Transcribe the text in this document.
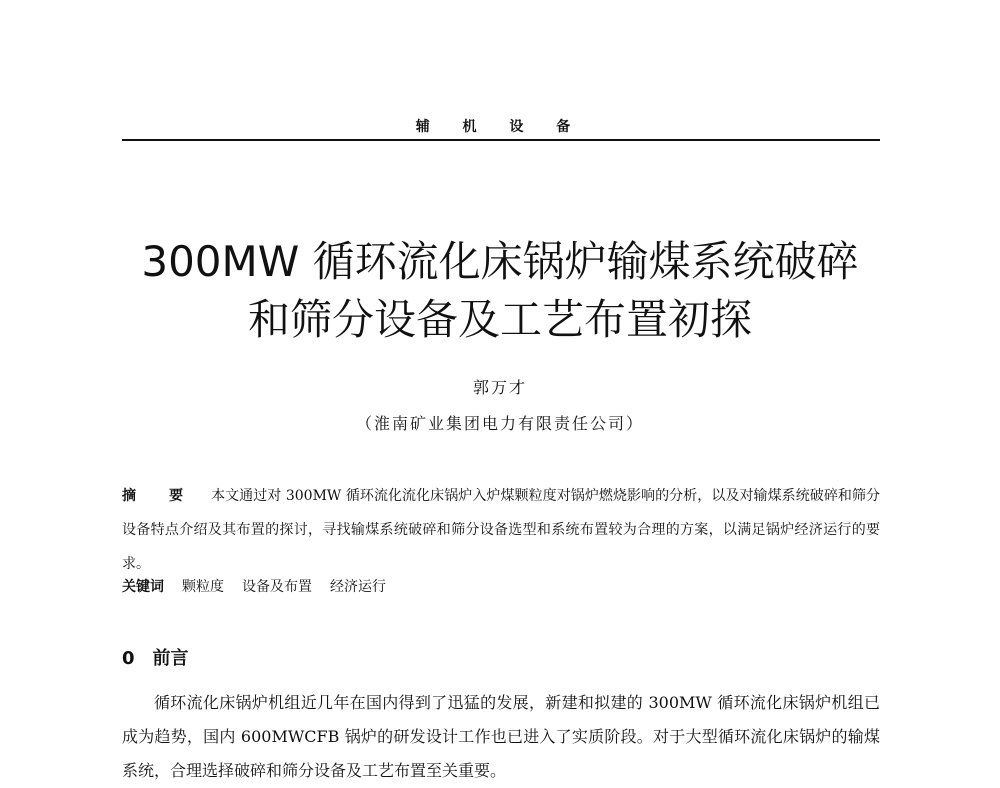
辅 机 设 备
300MW 循环流化床锅炉输煤系统破碎
和筛分设备及工艺布置初探
郭万才
（淮南矿业集团电力有限责任公司）
摘 要 本文通过对 300MW 循环流化流化床锅炉入炉煤颗粒度对锅炉燃烧影响的分析，以及对输煤系统破碎和筛分设备特点介绍及其布置的探讨，寻找输煤系统破碎和筛分设备选型和系统布置较为合理的方案，以满足锅炉经济运行的要求。
关键词 颗粒度 设备及布置 经济运行
0 前言
循环流化床锅炉机组近几年在国内得到了迅猛的发展，新建和拟建的 300MW 循环流化床锅炉机组已成为趋势，国内 600MWCFB 锅炉的研发设计工作也已进入了实质阶段。对于大型循环流化床锅炉的输煤系统，合理选择破碎和筛分设备及工艺布置至关重要。
